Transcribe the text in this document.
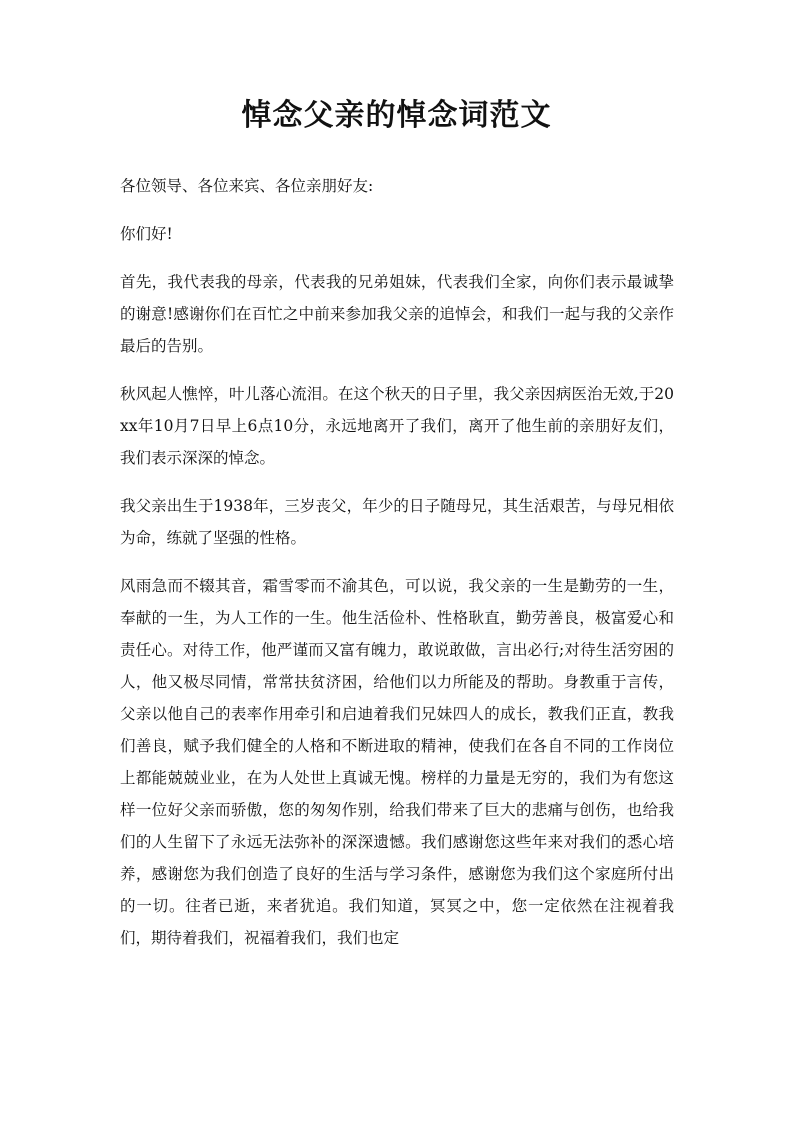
悼念父亲的悼念词范文

各位领导、各位来宾、各位亲朋好友:

你们好!

首先，我代表我的母亲，代表我的兄弟姐妹，代表我们全家，向你们表示最诚挚的谢意!感谢你们在百忙之中前来参加我父亲的追悼会，和我们一起与我的父亲作最后的告别。

秋风起人憔悴，叶儿落心流泪。在这个秋天的日子里，我父亲因病医治无效,于20xx年10月7日早上6点10分，永远地离开了我们，离开了他生前的亲朋好友们，我们表示深深的悼念。

我父亲出生于1938年，三岁丧父，年少的日子随母兄，其生活艰苦，与母兄相依为命，练就了坚强的性格。

风雨急而不辍其音，霜雪零而不渝其色，可以说，我父亲的一生是勤劳的一生，奉献的一生，为人工作的一生。他生活俭朴、性格耿直，勤劳善良，极富爱心和责任心。对待工作，他严谨而又富有魄力，敢说敢做，言出必行;对待生活穷困的人，他又极尽同情，常常扶贫济困，给他们以力所能及的帮助。身教重于言传，父亲以他自己的表率作用牵引和启迪着我们兄妹四人的成长，教我们正直，教我们善良，赋予我们健全的人格和不断进取的精神，使我们在各自不同的工作岗位上都能兢兢业业，在为人处世上真诚无愧。榜样的力量是无穷的，我们为有您这样一位好父亲而骄傲，您的匆匆作别，给我们带来了巨大的悲痛与创伤，也给我们的人生留下了永远无法弥补的深深遗憾。我们感谢您这些年来对我们的悉心培养，感谢您为我们创造了良好的生活与学习条件，感谢您为我们这个家庭所付出的一切。往者已逝，来者犹追。我们知道，冥冥之中，您一定依然在注视着我们，期待着我们，祝福着我们，我们也定
